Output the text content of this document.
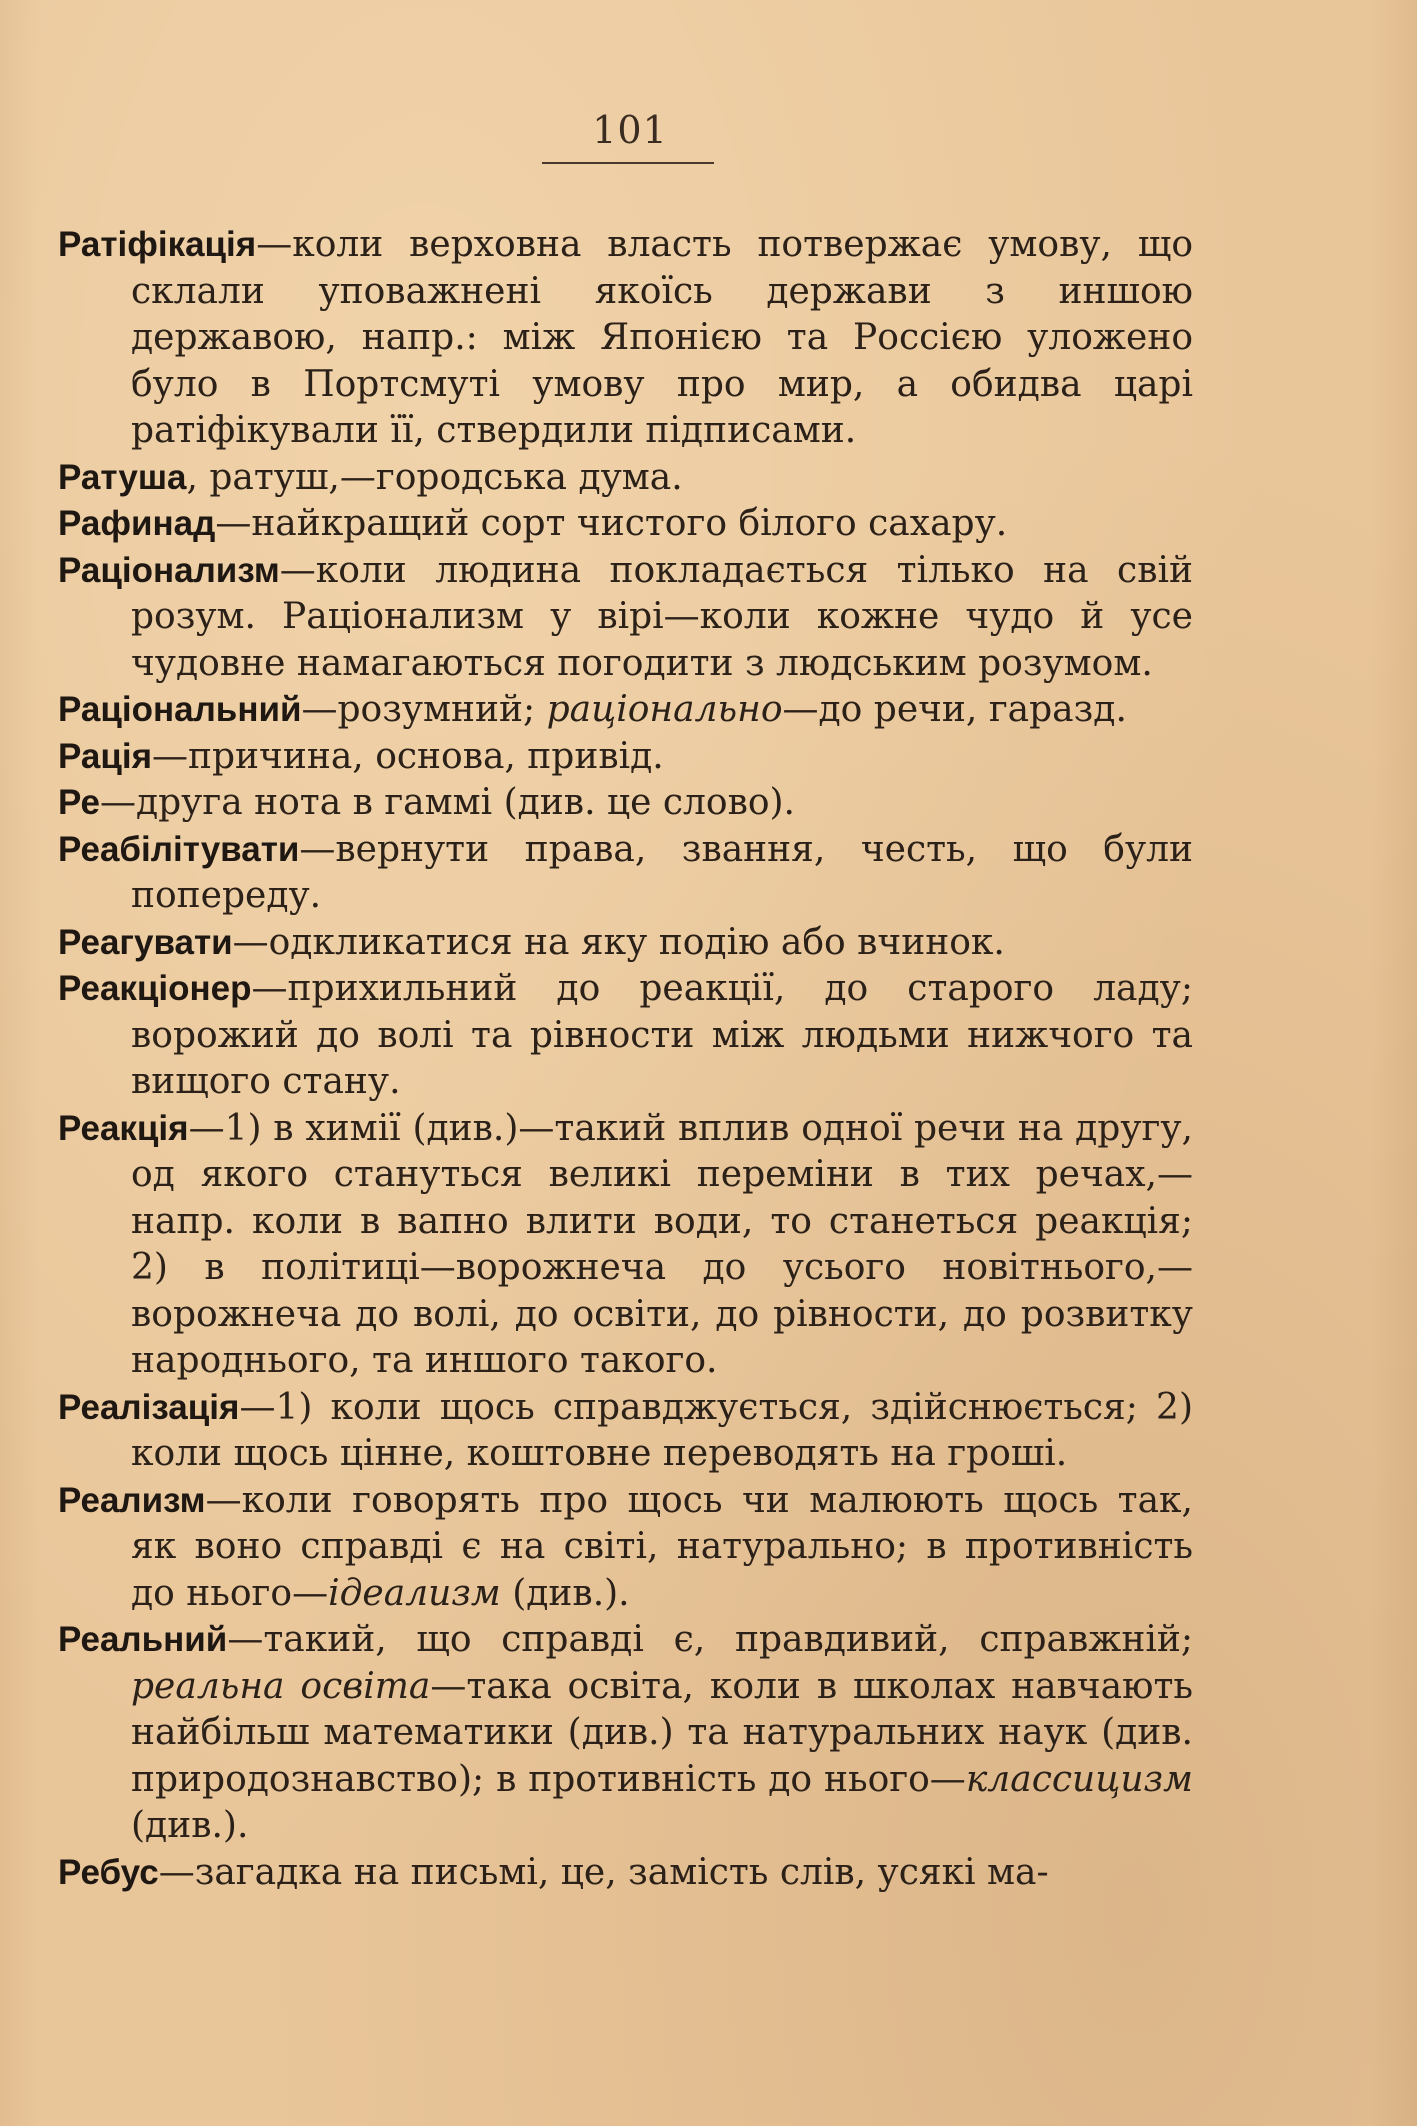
101

Ратіфікація—коли верховна власть потвержає умову, що склали уповажнені якоїсь держави з иншою державою, напр.: між Японією та Россією уложено було в Портсмуті умову про мир, а обидва царі ратіфікували її, ствердили підписами.

Ратуша, ратуш,—городська дума.

Рафинад—найкращий сорт чистого білого сахару.

Раціонализм—коли людина покладається тілько на свій розум. Раціонализм у вірі—коли кожне чудо й усе чудовне намагаються погодити з людським розумом.

Раціональний—розумний; раціонально—до речи, гаразд.

Рація—причина, основа, привід.

Ре—друга нота в гаммі (див. це слово).

Реабілітувати—вернути права, звання, честь, що були попереду.

Реагувати—одкликатися на яку подію або вчинок.

Реакціонер—прихильний до реакції, до старого ладу; ворожий до волі та рівности між людьми нижчого та вищого стану.

Реакція—1) в химії (див.)—такий вплив одної речи на другу, од якого стануться великі переміни в тих речах,—напр. коли в вапно влити води, то станеться реакція; 2) в політиці—ворожнеча до усього новітнього,—ворожнеча до волі, до освіти, до рівности, до розвитку народнього, та иншого такого.

Реалізація—1) коли щось справджується, здійснюється; 2) коли щось цінне, коштовне переводять на гроші.

Реализм—коли говорять про щось чи малюють щось так, як воно справді є на світі, натурально; в противність до нього—ідеализм (див.).

Реальний—такий, що справді є, правдивий, справжній; реальна освіта—така освіта, коли в школах навчають найбільш математики (див.) та натуральних наук (див. природознавство); в противність до нього—классицизм (див.).

Ребус—загадка на письмі, це, замість слів, усякі ма-
